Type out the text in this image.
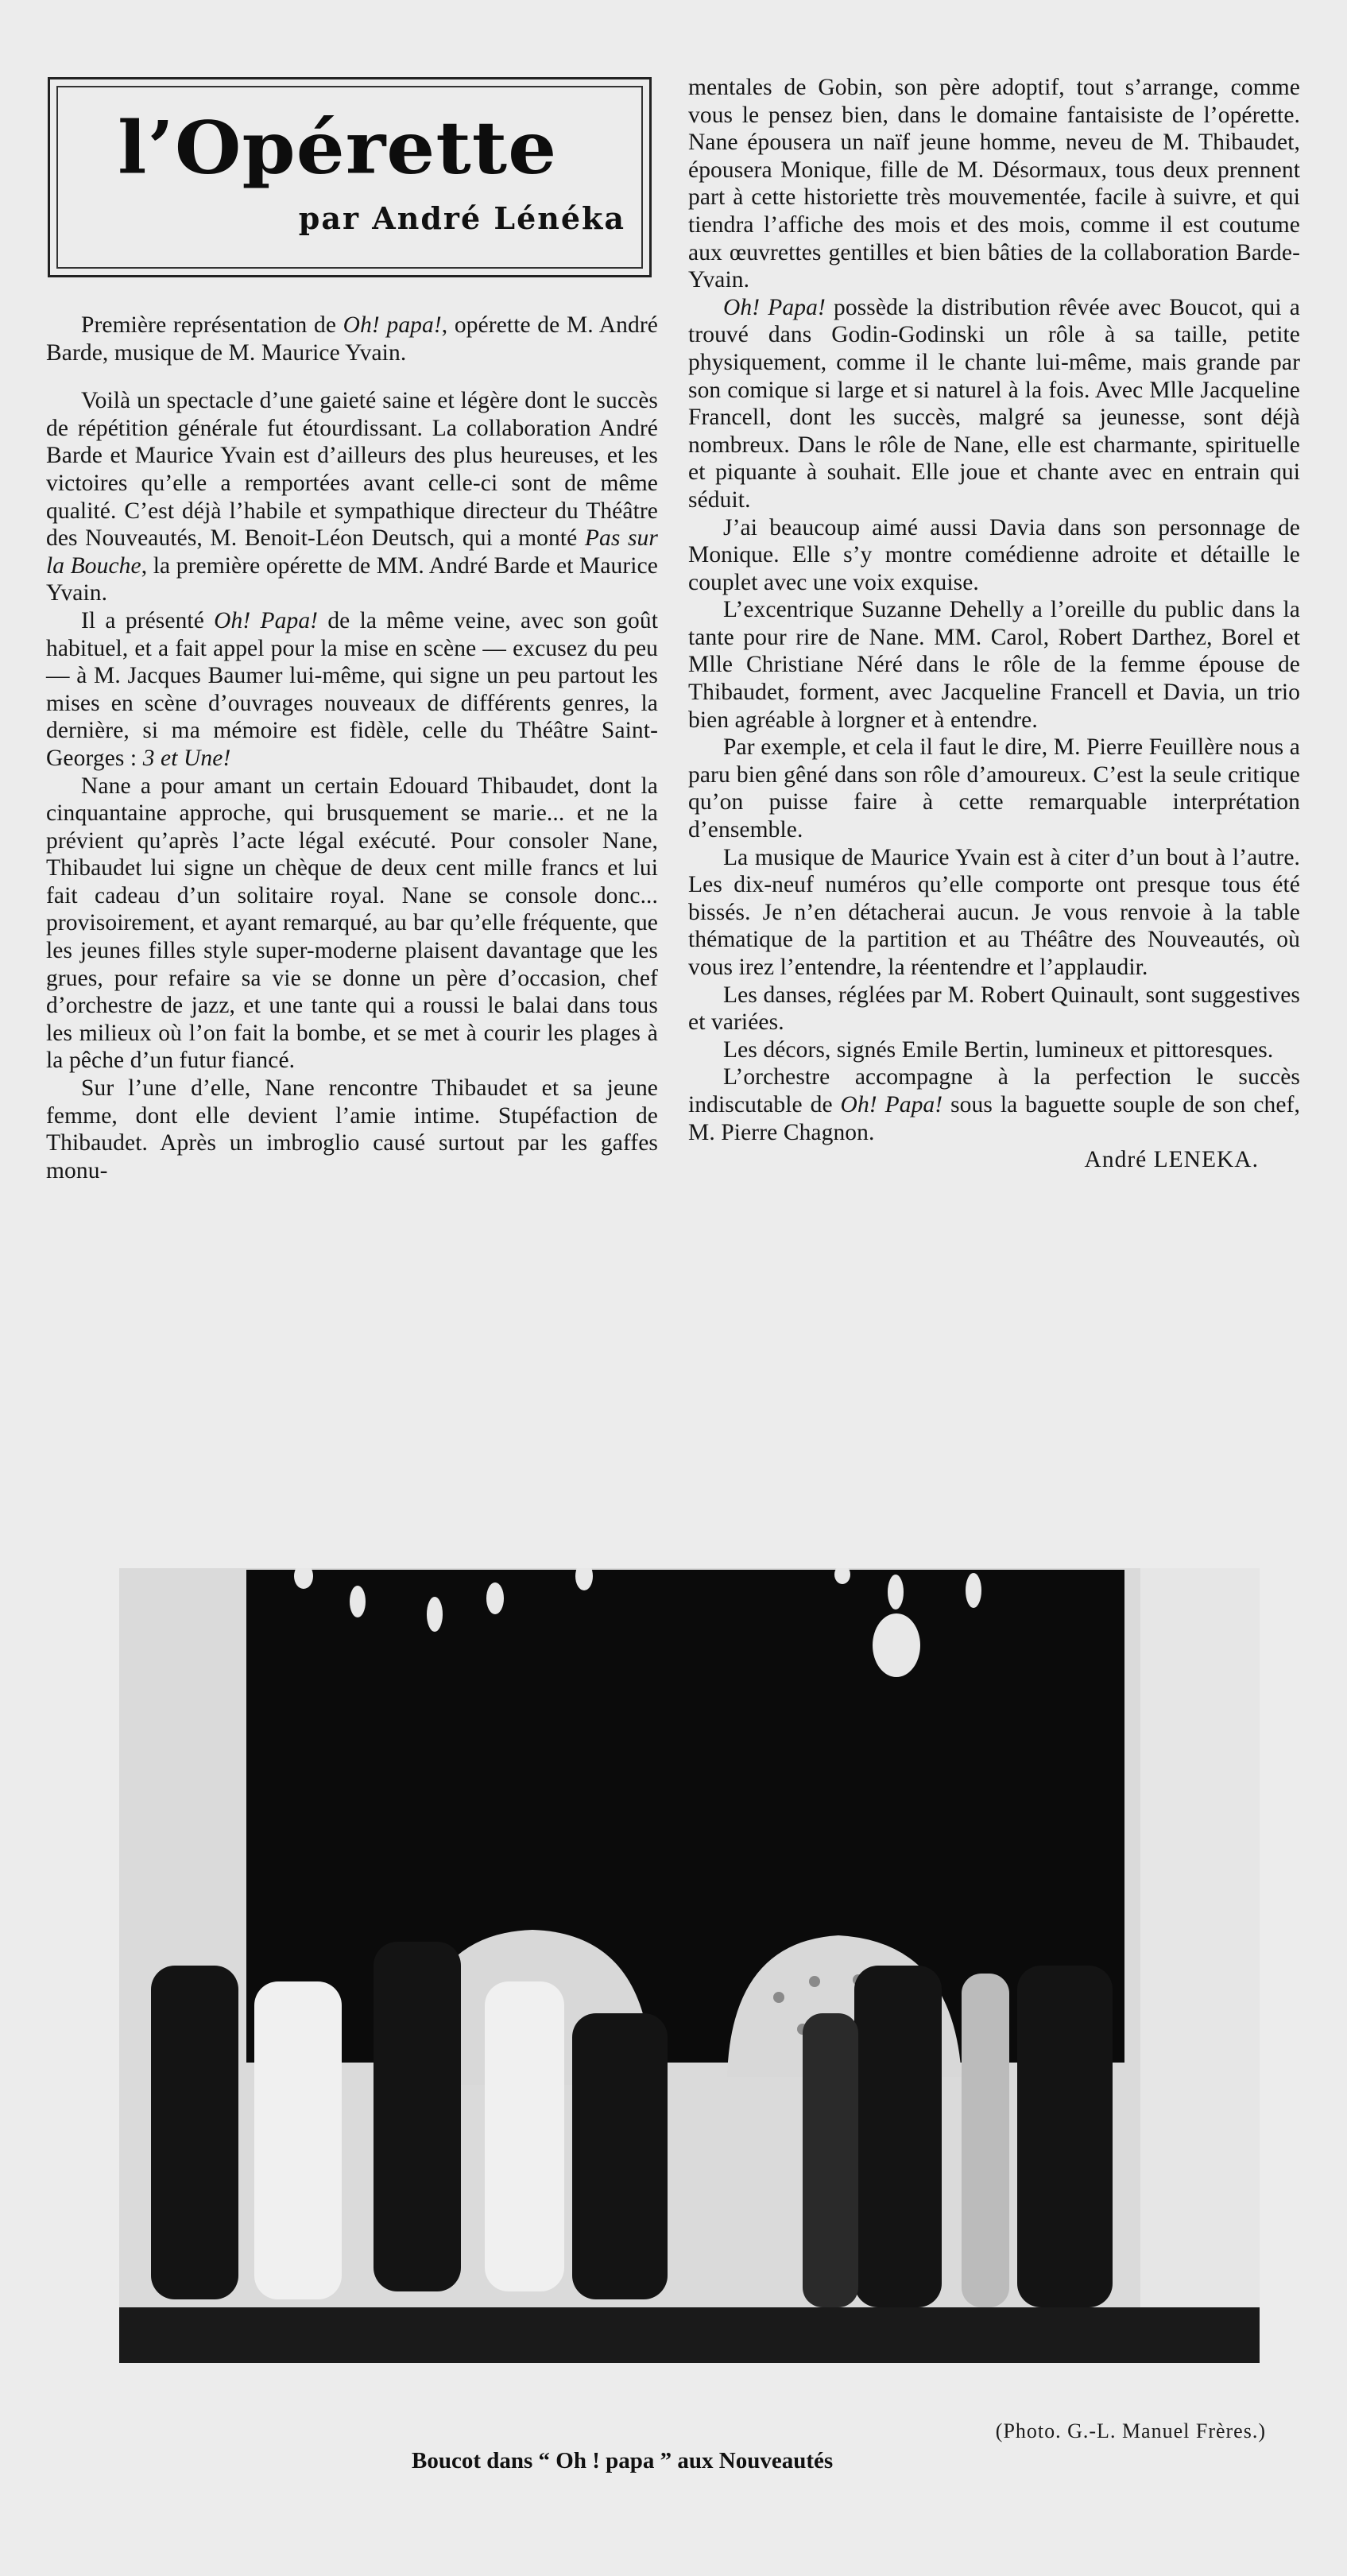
l’Opérette
par André Lénéka

Première représentation de Oh! papa!, opérette de M. André Barde, musique de M. Maurice Yvain.

Voilà un spectacle d’une gaieté saine et légère dont le succès de répétition générale fut étourdissant. La collaboration André Barde et Maurice Yvain est d’ailleurs des plus heureuses, et les victoires qu’elle a remportées avant celle-ci sont de même qualité. C’est déjà l’habile et sympathique directeur du Théâtre des Nouveautés, M. Benoit-Léon Deutsch, qui a monté Pas sur la Bouche, la première opérette de MM. André Barde et Maurice Yvain.

Il a présenté Oh! Papa! de la même veine, avec son goût habituel, et a fait appel pour la mise en scène — excusez du peu — à M. Jacques Baumer lui-même, qui signe un peu partout les mises en scène d’ouvrages nouveaux de différents genres, la dernière, si ma mémoire est fidèle, celle du Théâtre Saint-Georges : 3 et Une!

Nane a pour amant un certain Edouard Thibaudet, dont la cinquantaine approche, qui brusquement se marie... et ne la prévient qu’après l’acte légal exécuté. Pour consoler Nane, Thibaudet lui signe un chèque de deux cent mille francs et lui fait cadeau d’un solitaire royal. Nane se console donc... provisoirement, et ayant remarqué, au bar qu’elle fréquente, que les jeunes filles style super-moderne plaisent davantage que les grues, pour refaire sa vie se donne un père d’occasion, chef d’orchestre de jazz, et une tante qui a roussi le balai dans tous les milieux où l’on fait la bombe, et se met à courir les plages à la pêche d’un futur fiancé.

Sur l’une d’elle, Nane rencontre Thibaudet et sa jeune femme, dont elle devient l’amie intime. Stupéfaction de Thibaudet. Après un imbroglio causé surtout par les gaffes monu-

mentales de Gobin, son père adoptif, tout s’arrange, comme vous le pensez bien, dans le domaine fantaisiste de l’opérette. Nane épousera un naïf jeune homme, neveu de M. Thibaudet, épousera Monique, fille de M. Désormaux, tous deux prennent part à cette historiette très mouvementée, facile à suivre, et qui tiendra l’affiche des mois et des mois, comme il est coutume aux œuvrettes gentilles et bien bâties de la collaboration Barde-Yvain.

Oh! Papa! possède la distribution rêvée avec Boucot, qui a trouvé dans Godin-Godinski un rôle à sa taille, petite physiquement, comme il le chante lui-même, mais grande par son comique si large et si naturel à la fois. Avec Mlle Jacqueline Francell, dont les succès, malgré sa jeunesse, sont déjà nombreux. Dans le rôle de Nane, elle est charmante, spirituelle et piquante à souhait. Elle joue et chante avec en entrain qui séduit.

J’ai beaucoup aimé aussi Davia dans son personnage de Monique. Elle s’y montre comédienne adroite et détaille le couplet avec une voix exquise.

L’excentrique Suzanne Dehelly a l’oreille du public dans la tante pour rire de Nane. MM. Carol, Robert Darthez, Borel et Mlle Christiane Néré dans le rôle de la femme épouse de Thibaudet, forment, avec Jacqueline Francell et Davia, un trio bien agréable à lorgner et à entendre.

Par exemple, et cela il faut le dire, M. Pierre Feuillère nous a paru bien gêné dans son rôle d’amoureux. C’est la seule critique qu’on puisse faire à cette remarquable interprétation d’ensemble.

La musique de Maurice Yvain est à citer d’un bout à l’autre. Les dix-neuf numéros qu’elle comporte ont presque tous été bissés. Je n’en détacherai aucun. Je vous renvoie à la table thématique de la partition et au Théâtre des Nouveautés, où vous irez l’entendre, la réentendre et l’applaudir.

Les danses, réglées par M. Robert Quinault, sont suggestives et variées.

Les décors, signés Emile Bertin, lumineux et pittoresques.

L’orchestre accompagne à la perfection le succès indiscutable de Oh! Papa! sous la baguette souple de son chef, M. Pierre Chagnon.

André LENEKA.

(Photo. G.-L. Manuel Frères.)
Boucot dans “ Oh ! papa ” aux Nouveautés
